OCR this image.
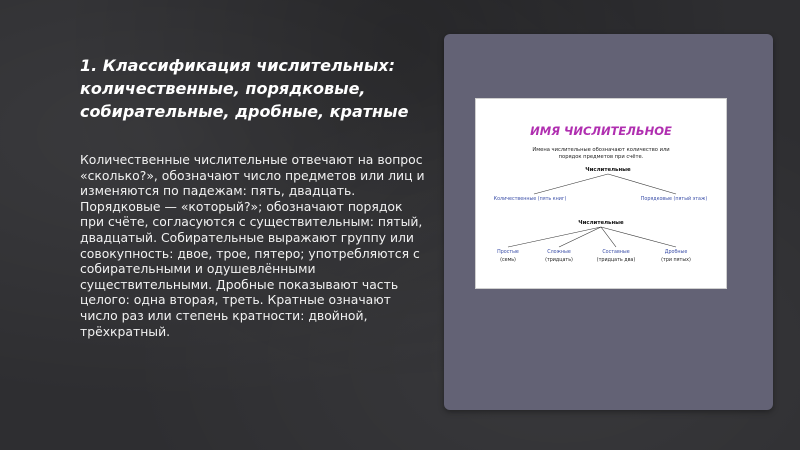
1. Классификация числительных: количественные, порядковые, собирательные, дробные, кратные

Количественные числительные отвечают на вопрос «сколько?», обозначают число предметов или лиц и изменяются по падежам: пять, двадцать. Порядковые — «который?»; обозначают порядок при счёте, согласуются с существительным: пятый, двадцатый. Собирательные выражают группу или совокупность: двое, трое, пятеро; употребляются с собирательными и одушевлёнными существительными. Дробные показывают часть целого: одна вторая, треть. Кратные означают число раз или степень кратности: двойной, трёхкратный.

ИМЯ ЧИСЛИТЕЛЬНОЕ
Имена числительные обозначают количество или
порядок предметов при счёте.
Числительные
Количественные (пять книг)	Порядковые (пятый этаж)
Числительные
Простые
(семь)
Сложные
(тридцать)
Составные
(тридцать два)
Дробные
(три пятых)
